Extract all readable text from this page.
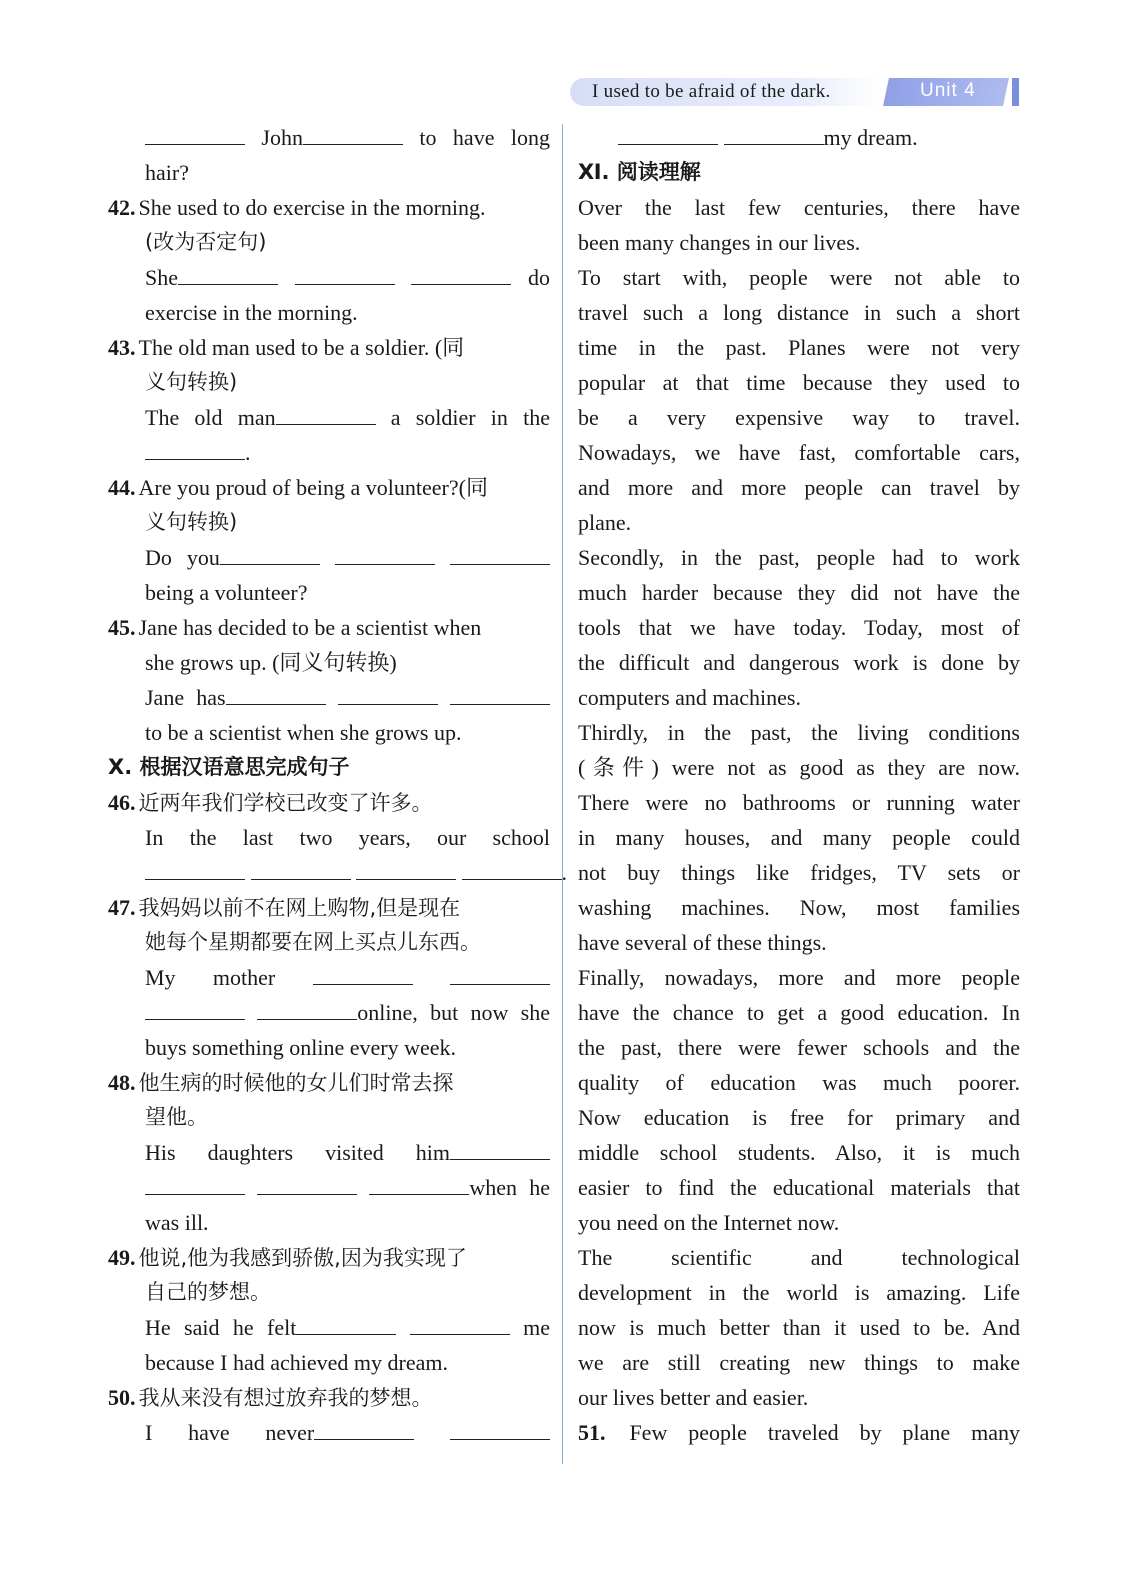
I used to be afraid of the dark.	Unit 4
John	to have long
hair?
42. She used to do exercise in the morning.
(改为否定句)
She	do
exercise in the morning.
43. The old man used to be a soldier. (同
义句转换)
The old man	a soldier in the
.
44. Are you proud of being a volunteer?(同
义句转换)
Do you
being a volunteer?
45. Jane has decided to be a scientist when
she grows up. (同义句转换)
Jane has
to be a scientist when she grows up.
Ⅹ. 根据汉语意思完成句子
46. 近两年我们学校已改变了许多。
In the last two years, our school
.
47. 我妈妈以前不在网上购物,但是现在
她每个星期都要在网上买点儿东西。
My mother
online, but now she
buys something online every week.
48. 他生病的时候他的女儿们时常去探
望他。
His daughters visited him
when he
was ill.
49. 他说,他为我感到骄傲,因为我实现了
自己的梦想。
He said he felt	me
because I had achieved my dream.
50. 我从来没有想过放弃我的梦想。
I have never
my dream.
Ⅺ. 阅读理解
Over the last few centuries, there have
been many changes in our lives.
To start with, people were not able to
travel such a long distance in such a short
time in the past. Planes were not very
popular at that time because they used to
be a very expensive way to travel.
Nowadays, we have fast, comfortable cars,
and more and more people can travel by
plane.
Secondly, in the past, people had to work
much harder because they did not have the
tools that we have today. Today, most of
the difficult and dangerous work is done by
computers and machines.
Thirdly, in the past, the living conditions
(条件) were not as good as they are now.
There were no bathrooms or running water
in many houses, and many people could
not buy things like fridges, TV sets or
washing machines. Now, most families
have several of these things.
Finally, nowadays, more and more people
have the chance to get a good education. In
the past, there were fewer schools and the
quality of education was much poorer.
Now education is free for primary and
middle school students. Also, it is much
easier to find the educational materials that
you need on the Internet now.
The scientific and technological
development in the world is amazing. Life
now is much better than it used to be. And
we are still creating new things to make
our lives better and easier.
51. Few people traveled by plane many
